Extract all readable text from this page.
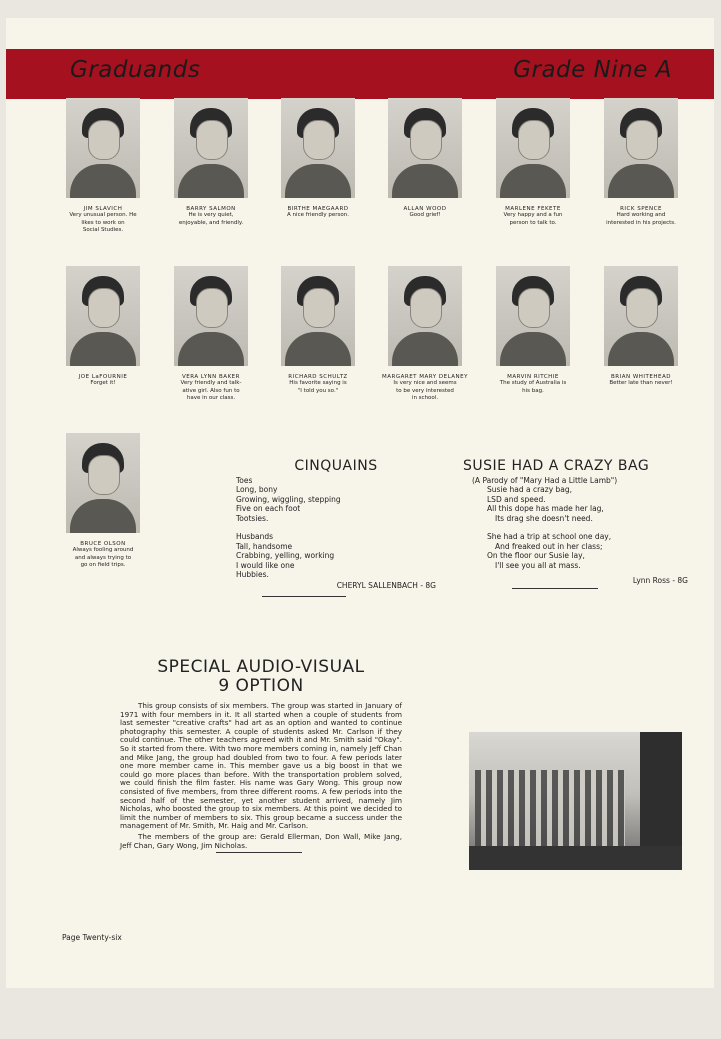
Graduands	Grade Nine A
JIM SLAVICH
Very unusual person. He
likes to work on
Social Studies.
BARRY SALMON
He is very quiet,
enjoyable, and friendly.
BIRTHE MAEGAARD
A nice friendly person.
ALLAN WOOD
Good grief!
MARLENE FEKETE
Very happy and a fun
person to talk to.
RICK SPENCE
Hard working and
interested in his projects.
JOE LaFOURNIE
Forget it!
VERA LYNN BAKER
Very friendly and talk-
ative girl. Also fun to
have in our class.
RICHARD SCHULTZ
His favorite saying is
"I told you so."
MARGARET MARY DELANEY
Is very nice and seems
to be very interested
in school.
MARVIN RITCHIE
The study of Australia is
his bag.
BRIAN WHITEHEAD
Better late than never!
BRUCE OLSON
Always fooling around
and always trying to
go on field trips.
CINQUAINS
Toes
Long, bony
Growing, wiggling, stepping
Five on each foot
Tootsies.
Husbands
Tall, handsome
Crabbing, yelling, working
I would like one
Hubbies.
CHERYL SALLENBACH - 8G
SUSIE HAD A CRAZY BAG
(A Parody of "Mary Had a Little Lamb")
Susie had a crazy bag,
LSD and speed.
All this dope has made her lag,
Its drag she doesn't need.
She had a trip at school one day,
And freaked out in her class;
On the floor our Susie lay,
I'll see you all at mass.
Lynn Ross - 8G
SPECIAL AUDIO-VISUAL
9 OPTION

This group consists of six members. The group was started in January of 1971 with four members in it. It all started when a couple of students from last semester "creative crafts" had art as an option and wanted to continue photography this semester. A couple of students asked Mr. Carlson if they could continue. The other teachers agreed with it and Mr. Smith said "Okay". So it started from there. With two more members coming in, namely Jeff Chan and Mike Jang, the group had doubled from two to four. A few periods later one more member came in. This member gave us a big boost in that we could go more places than before. With the transportation problem solved, we could finish the film faster. His name was Gary Wong. This group now consisted of five members, from three different rooms. A few periods into the second half of the semester, yet another student arrived, namely Jim Nicholas, who boosted the group to six members. At this point we decided to limit the number of members to six. This group became a success under the management of Mr. Smith, Mr. Haig and Mr. Carlson.

The members of the group are: Gerald Ellerman, Don Wall, Mike Jang, Jeff Chan, Gary Wong, Jim Nicholas.

Page Twenty-six
